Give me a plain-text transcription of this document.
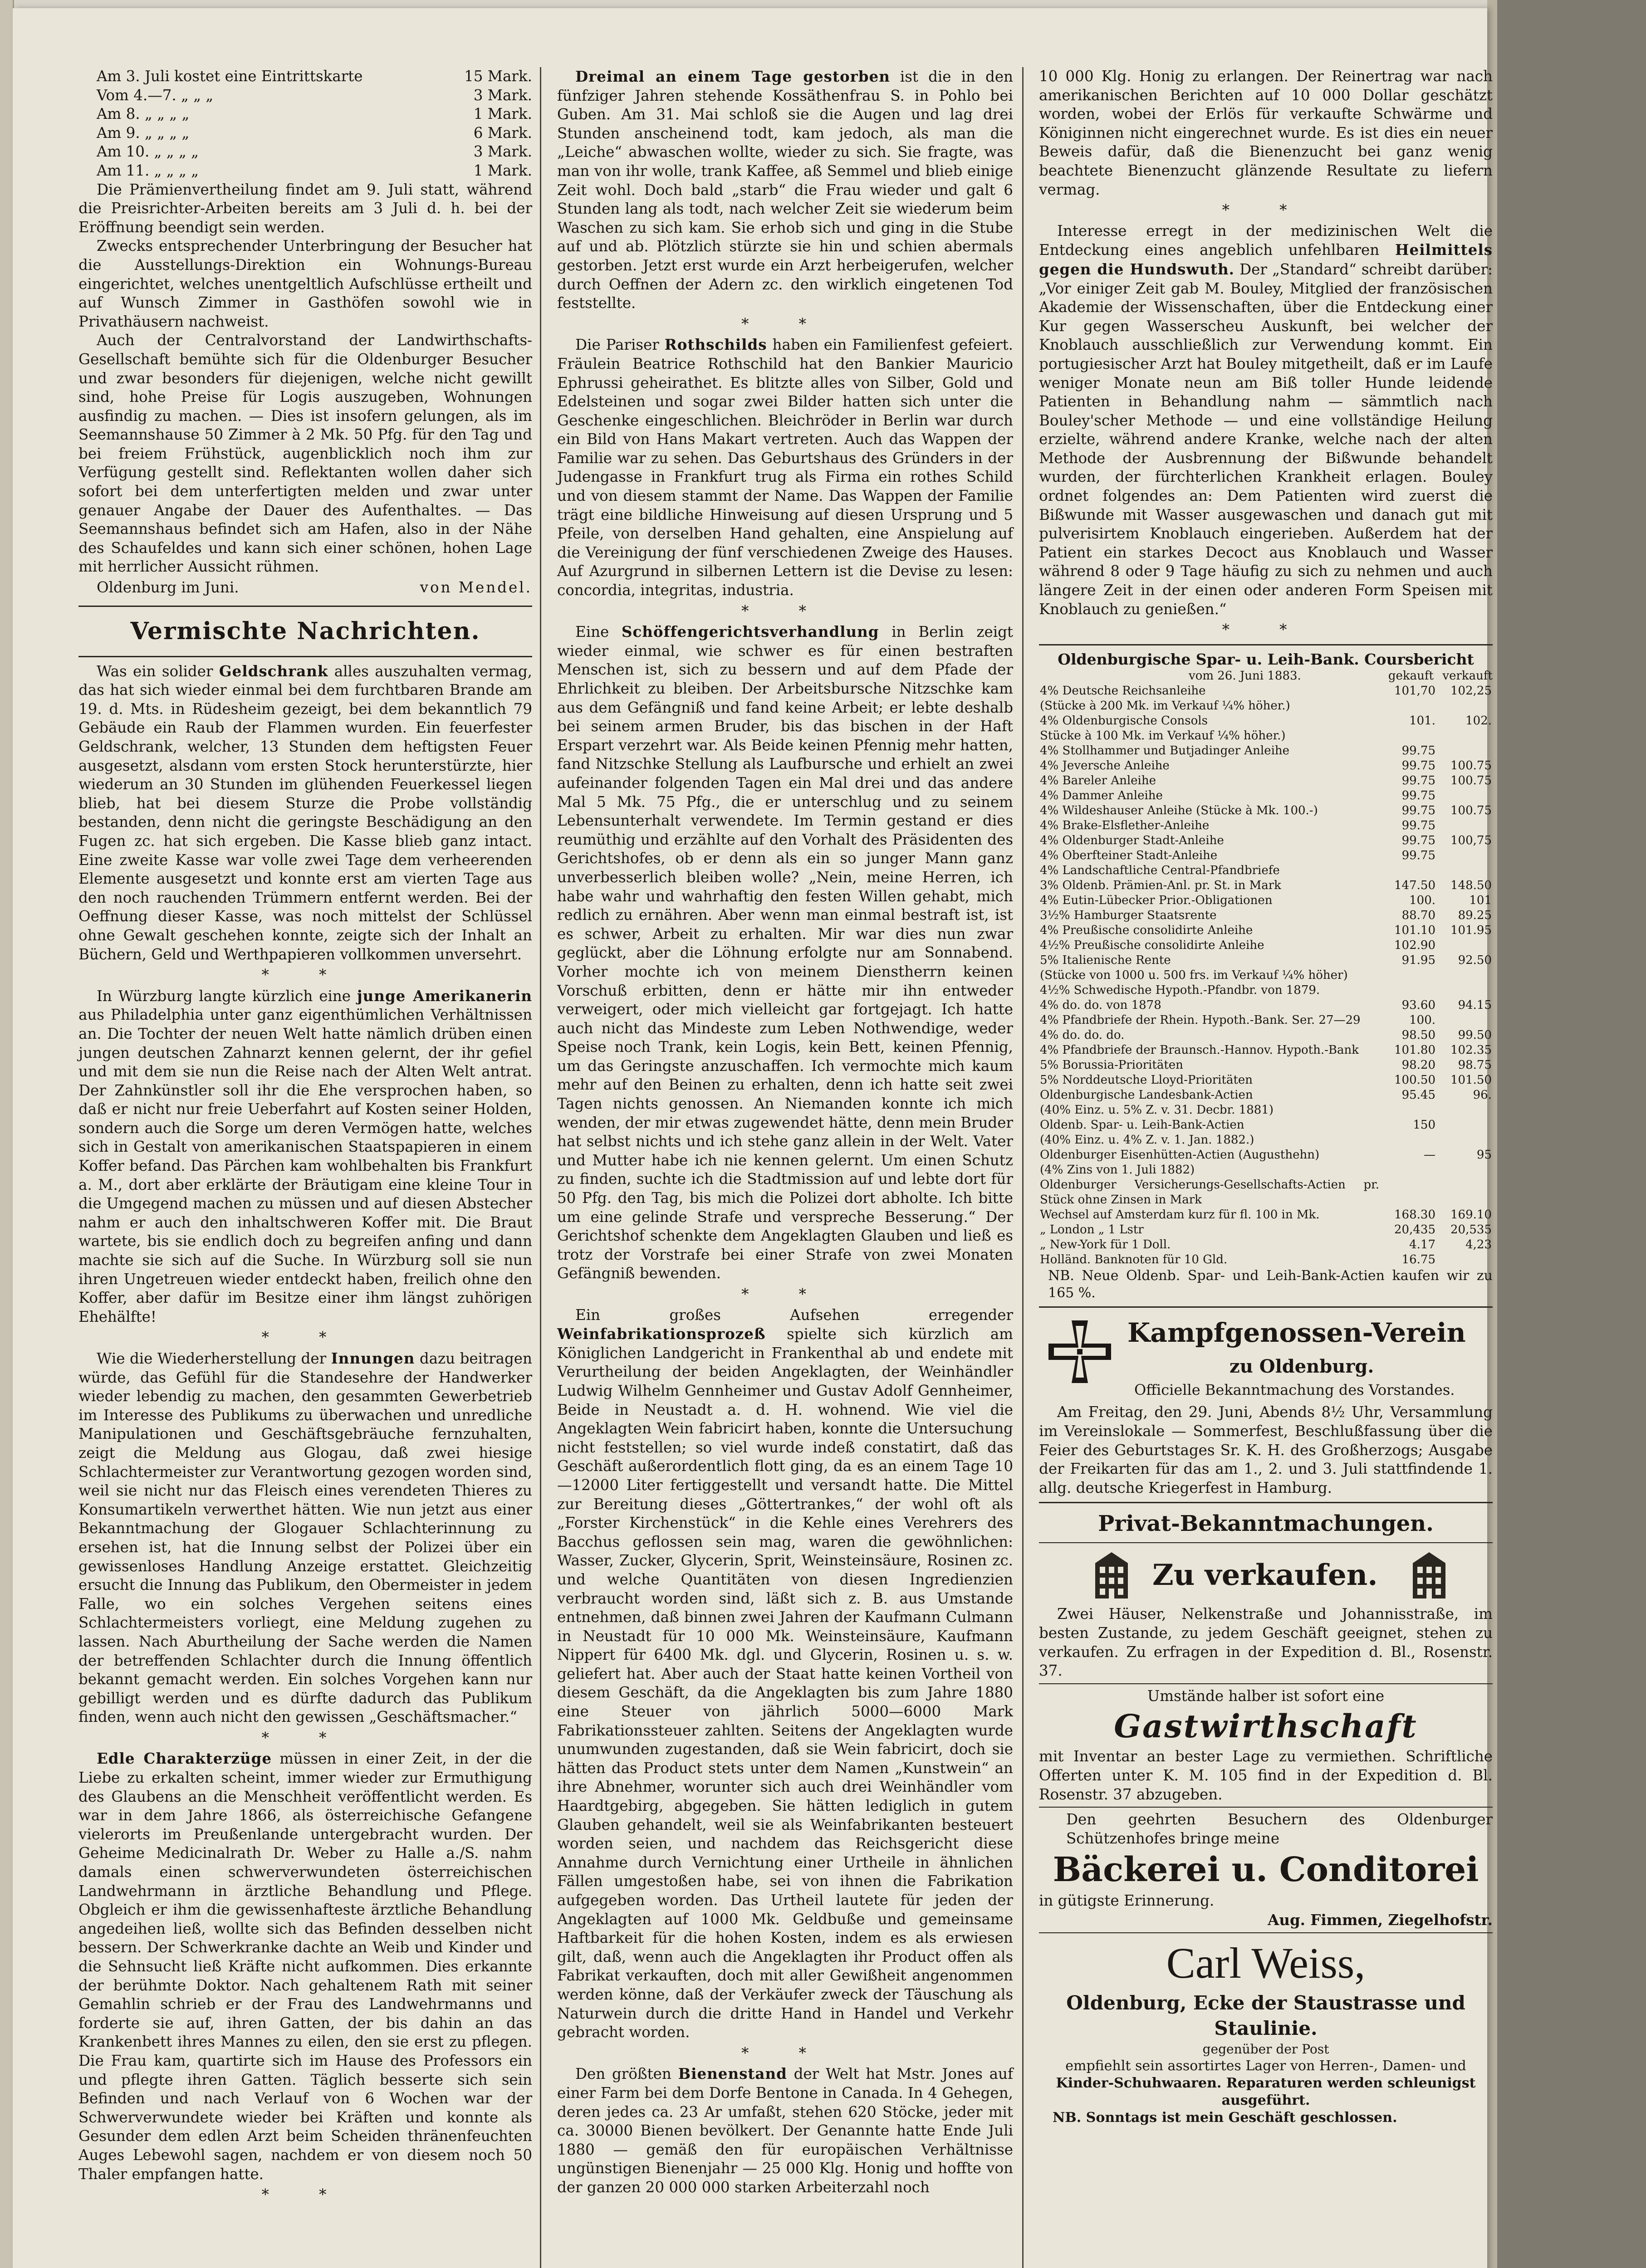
Am 3. Juli kostet eine Eintrittskarte	15 Mark.
Vom 4.—7. „ „ „	3 Mark.
Am 8. „ „ „ „	1 Mark.
Am 9. „ „ „ „	6 Mark.
Am 10. „ „ „ „	3 Mark.
Am 11. „ „ „ „	1 Mark.

Die Prämienvertheilung findet am 9. Juli statt, während die Preisrichter-Arbeiten bereits am 3 Juli d. h. bei der Eröffnung beendigt sein werden.

Zwecks entsprechender Unterbringung der Besucher hat die Ausstellungs-Direktion ein Wohnungs-Bureau eingerichtet, welches unentgeltlich Aufschlüsse ertheilt und auf Wunsch Zimmer in Gasthöfen sowohl wie in Privathäusern nachweist.

Auch der Centralvorstand der Landwirthschafts-Gesellschaft bemühte sich für die Oldenburger Besucher und zwar besonders für diejenigen, welche nicht gewillt sind, hohe Preise für Logis auszugeben, Wohnungen ausfindig zu machen. — Dies ist insofern gelungen, als im Seemannshause 50 Zimmer à 2 Mk. 50 Pfg. für den Tag und bei freiem Frühstück, augenblicklich noch ihm zur Verfügung gestellt sind. Reflektanten wollen daher sich sofort bei dem unterfertigten melden und zwar unter genauer Angabe der Dauer des Aufenthaltes. — Das Seemannshaus befindet sich am Hafen, also in der Nähe des Schaufeldes und kann sich einer schönen, hohen Lage mit herrlicher Aussicht rühmen.

Oldenburg im Juni.	von Mendel.

Vermischte Nachrichten.

Was ein solider Geldschrank alles auszuhalten vermag, das hat sich wieder einmal bei dem furchtbaren Brande am 19. d. Mts. in Rüdesheim gezeigt, bei dem bekanntlich 79 Gebäude ein Raub der Flammen wurden. Ein feuerfester Geldschrank, welcher, 13 Stunden dem heftigsten Feuer ausgesetzt, alsdann vom ersten Stock herunterstürzte, hier wiederum an 30 Stunden im glühenden Feuerkessel liegen blieb, hat bei diesem Sturze die Probe vollständig bestanden, denn nicht die geringste Beschädigung an den Fugen zc. hat sich ergeben. Die Kasse blieb ganz intact. Eine zweite Kasse war volle zwei Tage dem verheerenden Elemente ausgesetzt und konnte erst am vierten Tage aus den noch rauchenden Trümmern entfernt werden. Bei der Oeffnung dieser Kasse, was noch mittelst der Schlüssel ohne Gewalt geschehen konnte, zeigte sich der Inhalt an Büchern, Geld und Werthpapieren vollkommen unversehrt.

* *

In Würzburg langte kürzlich eine junge Amerikanerin aus Philadelphia unter ganz eigenthümlichen Verhältnissen an. Die Tochter der neuen Welt hatte nämlich drüben einen jungen deutschen Zahnarzt kennen gelernt, der ihr gefiel und mit dem sie nun die Reise nach der Alten Welt antrat. Der Zahnkünstler soll ihr die Ehe versprochen haben, so daß er nicht nur freie Ueberfahrt auf Kosten seiner Holden, sondern auch die Sorge um deren Vermögen hatte, welches sich in Gestalt von amerikanischen Staatspapieren in einem Koffer befand. Das Pärchen kam wohlbehalten bis Frankfurt a. M., dort aber erklärte der Bräutigam eine kleine Tour in die Umgegend machen zu müssen und auf diesen Abstecher nahm er auch den inhaltschweren Koffer mit. Die Braut wartete, bis sie endlich doch zu begreifen anfing und dann machte sie sich auf die Suche. In Würzburg soll sie nun ihren Ungetreuen wieder entdeckt haben, freilich ohne den Koffer, aber dafür im Besitze einer ihm längst zuhörigen Ehehälfte!

* *

Wie die Wiederherstellung der Innungen dazu beitragen würde, das Gefühl für die Standesehre der Handwerker wieder lebendig zu machen, den gesammten Gewerbetrieb im Interesse des Publikums zu überwachen und unredliche Manipulationen und Geschäftsgebräuche fernzuhalten, zeigt die Meldung aus Glogau, daß zwei hiesige Schlachtermeister zur Verantwortung gezogen worden sind, weil sie nicht nur das Fleisch eines verendeten Thieres zu Konsumartikeln verwerthet hätten. Wie nun jetzt aus einer Bekanntmachung der Glogauer Schlachterinnung zu ersehen ist, hat die Innung selbst der Polizei über ein gewissenloses Handlung Anzeige erstattet. Gleichzeitig ersucht die Innung das Publikum, den Obermeister in jedem Falle, wo ein solches Vergehen seitens eines Schlachtermeisters vorliegt, eine Meldung zugehen zu lassen. Nach Aburtheilung der Sache werden die Namen der betreffenden Schlachter durch die Innung öffentlich bekannt gemacht werden. Ein solches Vorgehen kann nur gebilligt werden und es dürfte dadurch das Publikum finden, wenn auch nicht den gewissen „Geschäftsmacher.“

* *

Edle Charakterzüge müssen in einer Zeit, in der die Liebe zu erkalten scheint, immer wieder zur Ermuthigung des Glaubens an die Menschheit veröffentlicht werden. Es war in dem Jahre 1866, als österreichische Gefangene vielerorts im Preußenlande untergebracht wurden. Der Geheime Medicinalrath Dr. Weber zu Halle a./S. nahm damals einen schwerverwundeten österreichischen Landwehrmann in ärztliche Behandlung und Pflege. Obgleich er ihm die gewissenhafteste ärztliche Behandlung angedeihen ließ, wollte sich das Befinden desselben nicht bessern. Der Schwerkranke dachte an Weib und Kinder und die Sehnsucht ließ Kräfte nicht aufkommen. Dies erkannte der berühmte Doktor. Nach gehaltenem Rath mit seiner Gemahlin schrieb er der Frau des Landwehrmanns und forderte sie auf, ihren Gatten, der bis dahin an das Krankenbett ihres Mannes zu eilen, den sie erst zu pflegen. Die Frau kam, quartirte sich im Hause des Professors ein und pflegte ihren Gatten. Täglich besserte sich sein Befinden und nach Verlauf von 6 Wochen war der Schwerverwundete wieder bei Kräften und konnte als Gesunder dem edlen Arzt beim Scheiden thränenfeuchten Auges Lebewohl sagen, nachdem er von diesem noch 50 Thaler empfangen hatte.

* *

Dreimal an einem Tage gestorben ist die in den fünfziger Jahren stehende Kossäthenfrau S. in Pohlo bei Guben. Am 31. Mai schloß sie die Augen und lag drei Stunden anscheinend todt, kam jedoch, als man die „Leiche“ abwaschen wollte, wieder zu sich. Sie fragte, was man von ihr wolle, trank Kaffee, aß Semmel und blieb einige Zeit wohl. Doch bald „starb“ die Frau wieder und galt 6 Stunden lang als todt, nach welcher Zeit sie wiederum beim Waschen zu sich kam. Sie erhob sich und ging in die Stube auf und ab. Plötzlich stürzte sie hin und schien abermals gestorben. Jetzt erst wurde ein Arzt herbeigerufen, welcher durch Oeffnen der Adern zc. den wirklich eingetenen Tod feststellte.

* *

Die Pariser Rothschilds haben ein Familienfest gefeiert. Fräulein Beatrice Rothschild hat den Bankier Mauricio Ephrussi geheirathet. Es blitzte alles von Silber, Gold und Edelsteinen und sogar zwei Bilder hatten sich unter die Geschenke eingeschlichen. Bleichröder in Berlin war durch ein Bild von Hans Makart vertreten. Auch das Wappen der Familie war zu sehen. Das Geburtshaus des Gründers in der Judengasse in Frankfurt trug als Firma ein rothes Schild und von diesem stammt der Name. Das Wappen der Familie trägt eine bildliche Hinweisung auf diesen Ursprung und 5 Pfeile, von derselben Hand gehalten, eine Anspielung auf die Vereinigung der fünf verschiedenen Zweige des Hauses. Auf Azurgrund in silbernen Lettern ist die Devise zu lesen: concordia, integritas, industria.

* *

Eine Schöffengerichtsverhandlung in Berlin zeigt wieder einmal, wie schwer es für einen bestraften Menschen ist, sich zu bessern und auf dem Pfade der Ehrlichkeit zu bleiben. Der Arbeitsbursche Nitzschke kam aus dem Gefängniß und fand keine Arbeit; er lebte deshalb bei seinem armen Bruder, bis das bischen in der Haft Erspart verzehrt war. Als Beide keinen Pfennig mehr hatten, fand Nitzschke Stellung als Laufbursche und erhielt an zwei aufeinander folgenden Tagen ein Mal drei und das andere Mal 5 Mk. 75 Pfg., die er unterschlug und zu seinem Lebensunterhalt verwendete. Im Termin gestand er dies reumüthig und erzählte auf den Vorhalt des Präsidenten des Gerichtshofes, ob er denn als ein so junger Mann ganz unverbesserlich bleiben wolle? „Nein, meine Herren, ich habe wahr und wahrhaftig den festen Willen gehabt, mich redlich zu ernähren. Aber wenn man einmal bestraft ist, ist es schwer, Arbeit zu erhalten. Mir war dies nun zwar geglückt, aber die Löhnung erfolgte nur am Sonnabend. Vorher mochte ich von meinem Dienstherrn keinen Vorschuß erbitten, denn er hätte mir ihn entweder verweigert, oder mich vielleicht gar fortgejagt. Ich hatte auch nicht das Mindeste zum Leben Nothwendige, weder Speise noch Trank, kein Logis, kein Bett, keinen Pfennig, um das Geringste anzuschaffen. Ich vermochte mich kaum mehr auf den Beinen zu erhalten, denn ich hatte seit zwei Tagen nichts genossen. An Niemanden konnte ich mich wenden, der mir etwas zugewendet hätte, denn mein Bruder hat selbst nichts und ich stehe ganz allein in der Welt. Vater und Mutter habe ich nie kennen gelernt. Um einen Schutz zu finden, suchte ich die Stadtmission auf und lebte dort für 50 Pfg. den Tag, bis mich die Polizei dort abholte. Ich bitte um eine gelinde Strafe und verspreche Besserung.“ Der Gerichtshof schenkte dem Angeklagten Glauben und ließ es trotz der Vorstrafe bei einer Strafe von zwei Monaten Gefängniß bewenden.

* *

Ein großes Aufsehen erregender Weinfabrikationsprozeß spielte sich kürzlich am Königlichen Landgericht in Frankenthal ab und endete mit Verurtheilung der beiden Angeklagten, der Weinhändler Ludwig Wilhelm Gennheimer und Gustav Adolf Gennheimer, Beide in Neustadt a. d. H. wohnend. Wie viel die Angeklagten Wein fabricirt haben, konnte die Untersuchung nicht feststellen; so viel wurde indeß constatirt, daß das Geschäft außerordentlich flott ging, da es an einem Tage 10—12000 Liter fertiggestellt und versandt hatte. Die Mittel zur Bereitung dieses „Göttertrankes,“ der wohl oft als „Forster Kirchenstück“ in die Kehle eines Verehrers des Bacchus geflossen sein mag, waren die gewöhnlichen: Wasser, Zucker, Glycerin, Sprit, Weinsteinsäure, Rosinen zc. und welche Quantitäten von diesen Ingredienzien verbraucht worden sind, läßt sich z. B. aus Umstande entnehmen, daß binnen zwei Jahren der Kaufmann Culmann in Neustadt für 10 000 Mk. Weinsteinsäure, Kaufmann Nippert für 6400 Mk. dgl. und Glycerin, Rosinen u. s. w. geliefert hat. Aber auch der Staat hatte keinen Vortheil von diesem Geschäft, da die Angeklagten bis zum Jahre 1880 eine Steuer von jährlich 5000—6000 Mark Fabrikationssteuer zahlten. Seitens der Angeklagten wurde unumwunden zugestanden, daß sie Wein fabricirt, doch sie hätten das Product stets unter dem Namen „Kunstwein“ an ihre Abnehmer, worunter sich auch drei Weinhändler vom Haardtgebirg, abgegeben. Sie hätten lediglich in gutem Glauben gehandelt, weil sie als Weinfabrikanten besteuert worden seien, und nachdem das Reichsgericht diese Annahme durch Vernichtung einer Urtheile in ähnlichen Fällen umgestoßen habe, sei von ihnen die Fabrikation aufgegeben worden. Das Urtheil lautete für jeden der Angeklagten auf 1000 Mk. Geldbuße und gemeinsame Haftbarkeit für die hohen Kosten, indem es als erwiesen gilt, daß, wenn auch die Angeklagten ihr Product offen als Fabrikat verkauften, doch mit aller Gewißheit angenommen werden könne, daß der Verkäufer zweck der Täuschung als Naturwein durch die dritte Hand in Handel und Verkehr gebracht worden.

* *

Den größten Bienenstand der Welt hat Mstr. Jones auf einer Farm bei dem Dorfe Bentone in Canada. In 4 Gehegen, deren jedes ca. 23 Ar umfaßt, stehen 620 Stöcke, jeder mit ca. 30000 Bienen bevölkert. Der Genannte hatte Ende Juli 1880 — gemäß den für europäischen Verhältnisse ungünstigen Bienenjahr — 25 000 Klg. Honig und hoffte von der ganzen 20 000 000 starken Arbeiterzahl noch

10 000 Klg. Honig zu erlangen. Der Reinertrag war nach amerikanischen Berichten auf 10 000 Dollar geschätzt worden, wobei der Erlös für verkaufte Schwärme und Königinnen nicht eingerechnet wurde. Es ist dies ein neuer Beweis dafür, daß die Bienenzucht bei ganz wenig beachtete Bienenzucht glänzende Resultate zu liefern vermag.

* *

Interesse erregt in der medizinischen Welt die Entdeckung eines angeblich unfehlbaren Heilmittels gegen die Hundswuth. Der „Standard“ schreibt darüber: „Vor einiger Zeit gab M. Bouley, Mitglied der französischen Akademie der Wissenschaften, über die Entdeckung einer Kur gegen Wasserscheu Auskunft, bei welcher der Knoblauch ausschließlich zur Verwendung kommt. Ein portugiesischer Arzt hat Bouley mitgetheilt, daß er im Laufe weniger Monate neun am Biß toller Hunde leidende Patienten in Behandlung nahm — sämmtlich nach Bouley'scher Methode — und eine vollständige Heilung erzielte, während andere Kranke, welche nach der alten Methode der Ausbrennung der Bißwunde behandelt wurden, der fürchterlichen Krankheit erlagen. Bouley ordnet folgendes an: Dem Patienten wird zuerst die Bißwunde mit Wasser ausgewaschen und danach gut mit pulverisirtem Knoblauch eingerieben. Außerdem hat der Patient ein starkes Decoct aus Knoblauch und Wasser während 8 oder 9 Tage häufig zu sich zu nehmen und auch längere Zeit in der einen oder anderen Form Speisen mit Knoblauch zu genießen.“

* *
Oldenburgische Spar- u. Leih-Bank. Coursbericht
vom 26. Juni 1883.	gekauft verkauft
4% Deutsche Reichsanleihe	101,70	102,25
(Stücke à 200 Mk. im Verkauf ¼% höher.)		
4% Oldenburgische Consols	101.	102.
Stücke à 100 Mk. im Verkauf ¼% höher.)		
4% Stollhammer und Butjadinger Anleihe	99.75	
4% Jeversche Anleihe	99.75	100.75
4% Bareler Anleihe	99.75	100.75
4% Dammer Anleihe	99.75	
4% Wildeshauser Anleihe (Stücke à Mk. 100.-)	99.75	100.75
4% Brake-Elsflether-Anleihe	99.75	
4% Oldenburger Stadt-Anleihe	99.75	100,75
4% Oberfteiner Stadt-Anleihe	99.75	
4% Landschaftliche Central-Pfandbriefe		
3% Oldenb. Prämien-Anl. pr. St. in Mark	147.50	148.50
4% Eutin-Lübecker Prior.-Obligationen	100.	101
3½% Hamburger Staatsrente	88.70	89.25
4% Preußische consolidirte Anleihe	101.10	101.95
4½% Preußische consolidirte Anleihe	102.90	
5% Italienische Rente	91.95	92.50
(Stücke von 1000 u. 500 frs. im Verkauf ¼% höher)		
4½% Schwedische Hypoth.-Pfandbr. von 1879.		
4% do. do. von 1878	93.60	94.15
4% Pfandbriefe der Rhein. Hypoth.-Bank. Ser. 27—29	100.	
4% do. do. do.	98.50	99.50
4% Pfandbriefe der Braunsch.-Hannov. Hypoth.-Bank	101.80	102.35
5% Borussia-Prioritäten	98.20	98.75
5% Norddeutsche Lloyd-Prioritäten	100.50	101.50
Oldenburgische Landesbank-Actien	95.45	96.
(40% Einz. u. 5% Z. v. 31. Decbr. 1881)		
Oldenb. Spar- u. Leih-Bank-Actien	150	
(40% Einz. u. 4% Z. v. 1. Jan. 1882.)		
Oldenburger Eisenhütten-Actien (Augusthehn)	—	95
(4% Zins von 1. Juli 1882)		
Oldenburger Versicherungs-Gesellschafts-Actien pr. Stück ohne Zinsen in Mark		
Wechsel auf Amsterdam kurz für fl. 100 in Mk.	168.30	169.10
„ London „ 1 Lstr	20,435	20,535
„ New-York für 1 Doll.	4.17	4,23
Holländ. Banknoten für 10 Gld.	16.75	

NB. Neue Oldenb. Spar- und Leih-Bank-Actien kaufen wir zu 165 %.

Kampfgenossen-Verein
zu Oldenburg.
Officielle Bekanntmachung des Vorstandes.

Am Freitag, den 29. Juni, Abends 8½ Uhr, Versammlung im Vereinslokale — Sommerfest, Beschlußfassung über die Feier des Geburtstages Sr. K. H. des Großherzogs; Ausgabe der Freikarten für das am 1., 2. und 3. Juli stattfindende 1. allg. deutsche Kriegerfest in Hamburg.

Privat-Bekanntmachungen.
Zu verkaufen.

Zwei Häuser, Nelkenstraße und Johannisstraße, im besten Zustande, zu jedem Geschäft geeignet, stehen zu verkaufen. Zu erfragen in der Expedition d. Bl., Rosenstr. 37.

Umstände halber ist sofort eine

Gastwirthschaft

mit Inventar an bester Lage zu vermiethen. Schriftliche Offerten unter K. M. 105 find in der Expedition d. Bl. Rosenstr. 37 abzugeben.

Den geehrten Besuchern des Oldenburger Schützenhofes bringe meine

Bäckerei u. Conditorei

in gütigste Erinnerung.

Aug. Fimmen, Ziegelhofstr.

Carl Weiss,
Oldenburg, Ecke der Staustrasse und Staulinie.
gegenüber der Post

empfiehlt sein assortirtes Lager von Herren-, Damen- und

Kinder-Schuhwaaren. Reparaturen werden schleunigst ausgeführt.

NB. Sonntags ist mein Geschäft geschlossen.
